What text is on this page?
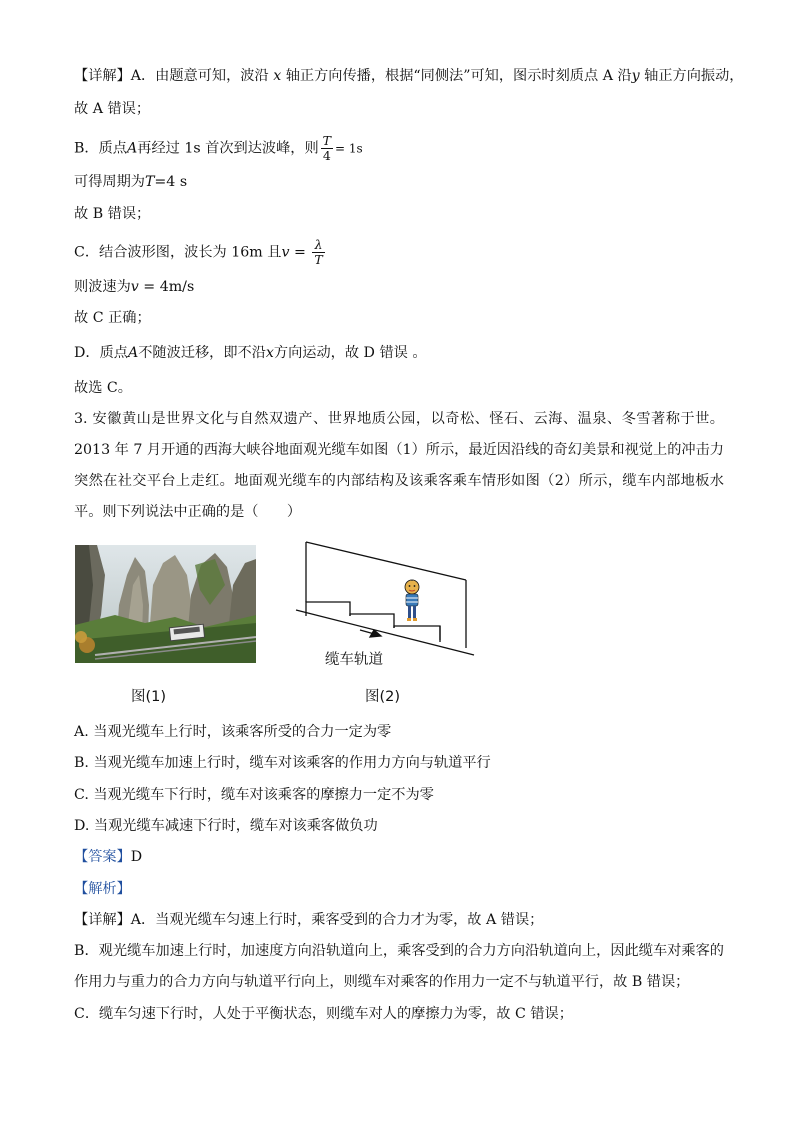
【详解】A．由题意可知，波沿 x 轴正方向传播，根据“同侧法”可知，图示时刻质点 A 沿y 轴正方向振动，
故 A 错误；
B．质点A再经过 1s 首次到达波峰，则 $\frac{T}{4} = 1s$
可得周期为T=4 s
故 B 错误；
C．结合波形图，波长为 16m 且$v = \frac{\lambda}{T}$
则波速为v = 4m/s
故 C 正确；
D．质点A不随波迁移，即不沿x方向运动，故 D 错误 。
故选 C。
3. 安徽黄山是世界文化与自然双遗产、世界地质公园，以奇松、怪石、云海、温泉、冬雪著称于世。2013 年 7 月开通的西海大峡谷地面观光缆车如图（1）所示，最近因沿线的奇幻美景和视觉上的冲击力突然在社交平台上走红。地面观光缆车的内部结构及该乘客乘车情形如图（2）所示，缆车内部地板水平。则下列说法中正确的是（　　）
缆车轨道
图(1)	图(2)
A. 当观光缆车上行时，该乘客所受的合力一定为零
B. 当观光缆车加速上行时，缆车对该乘客的作用力方向与轨道平行
C. 当观光缆车下行时，缆车对该乘客的摩擦力一定不为零
D. 当观光缆车减速下行时，缆车对该乘客做负功
【答案】D
【解析】
【详解】A．当观光缆车匀速上行时，乘客受到的合力才为零，故 A 错误；
B．观光缆车加速上行时，加速度方向沿轨道向上，乘客受到的合力方向沿轨道向上，因此缆车对乘客的作用力与重力的合力方向与轨道平行向上，则缆车对乘客的作用力一定不与轨道平行，故 B 错误；
C．缆车匀速下行时，人处于平衡状态，则缆车对人的摩擦力为零，故 C 错误；
